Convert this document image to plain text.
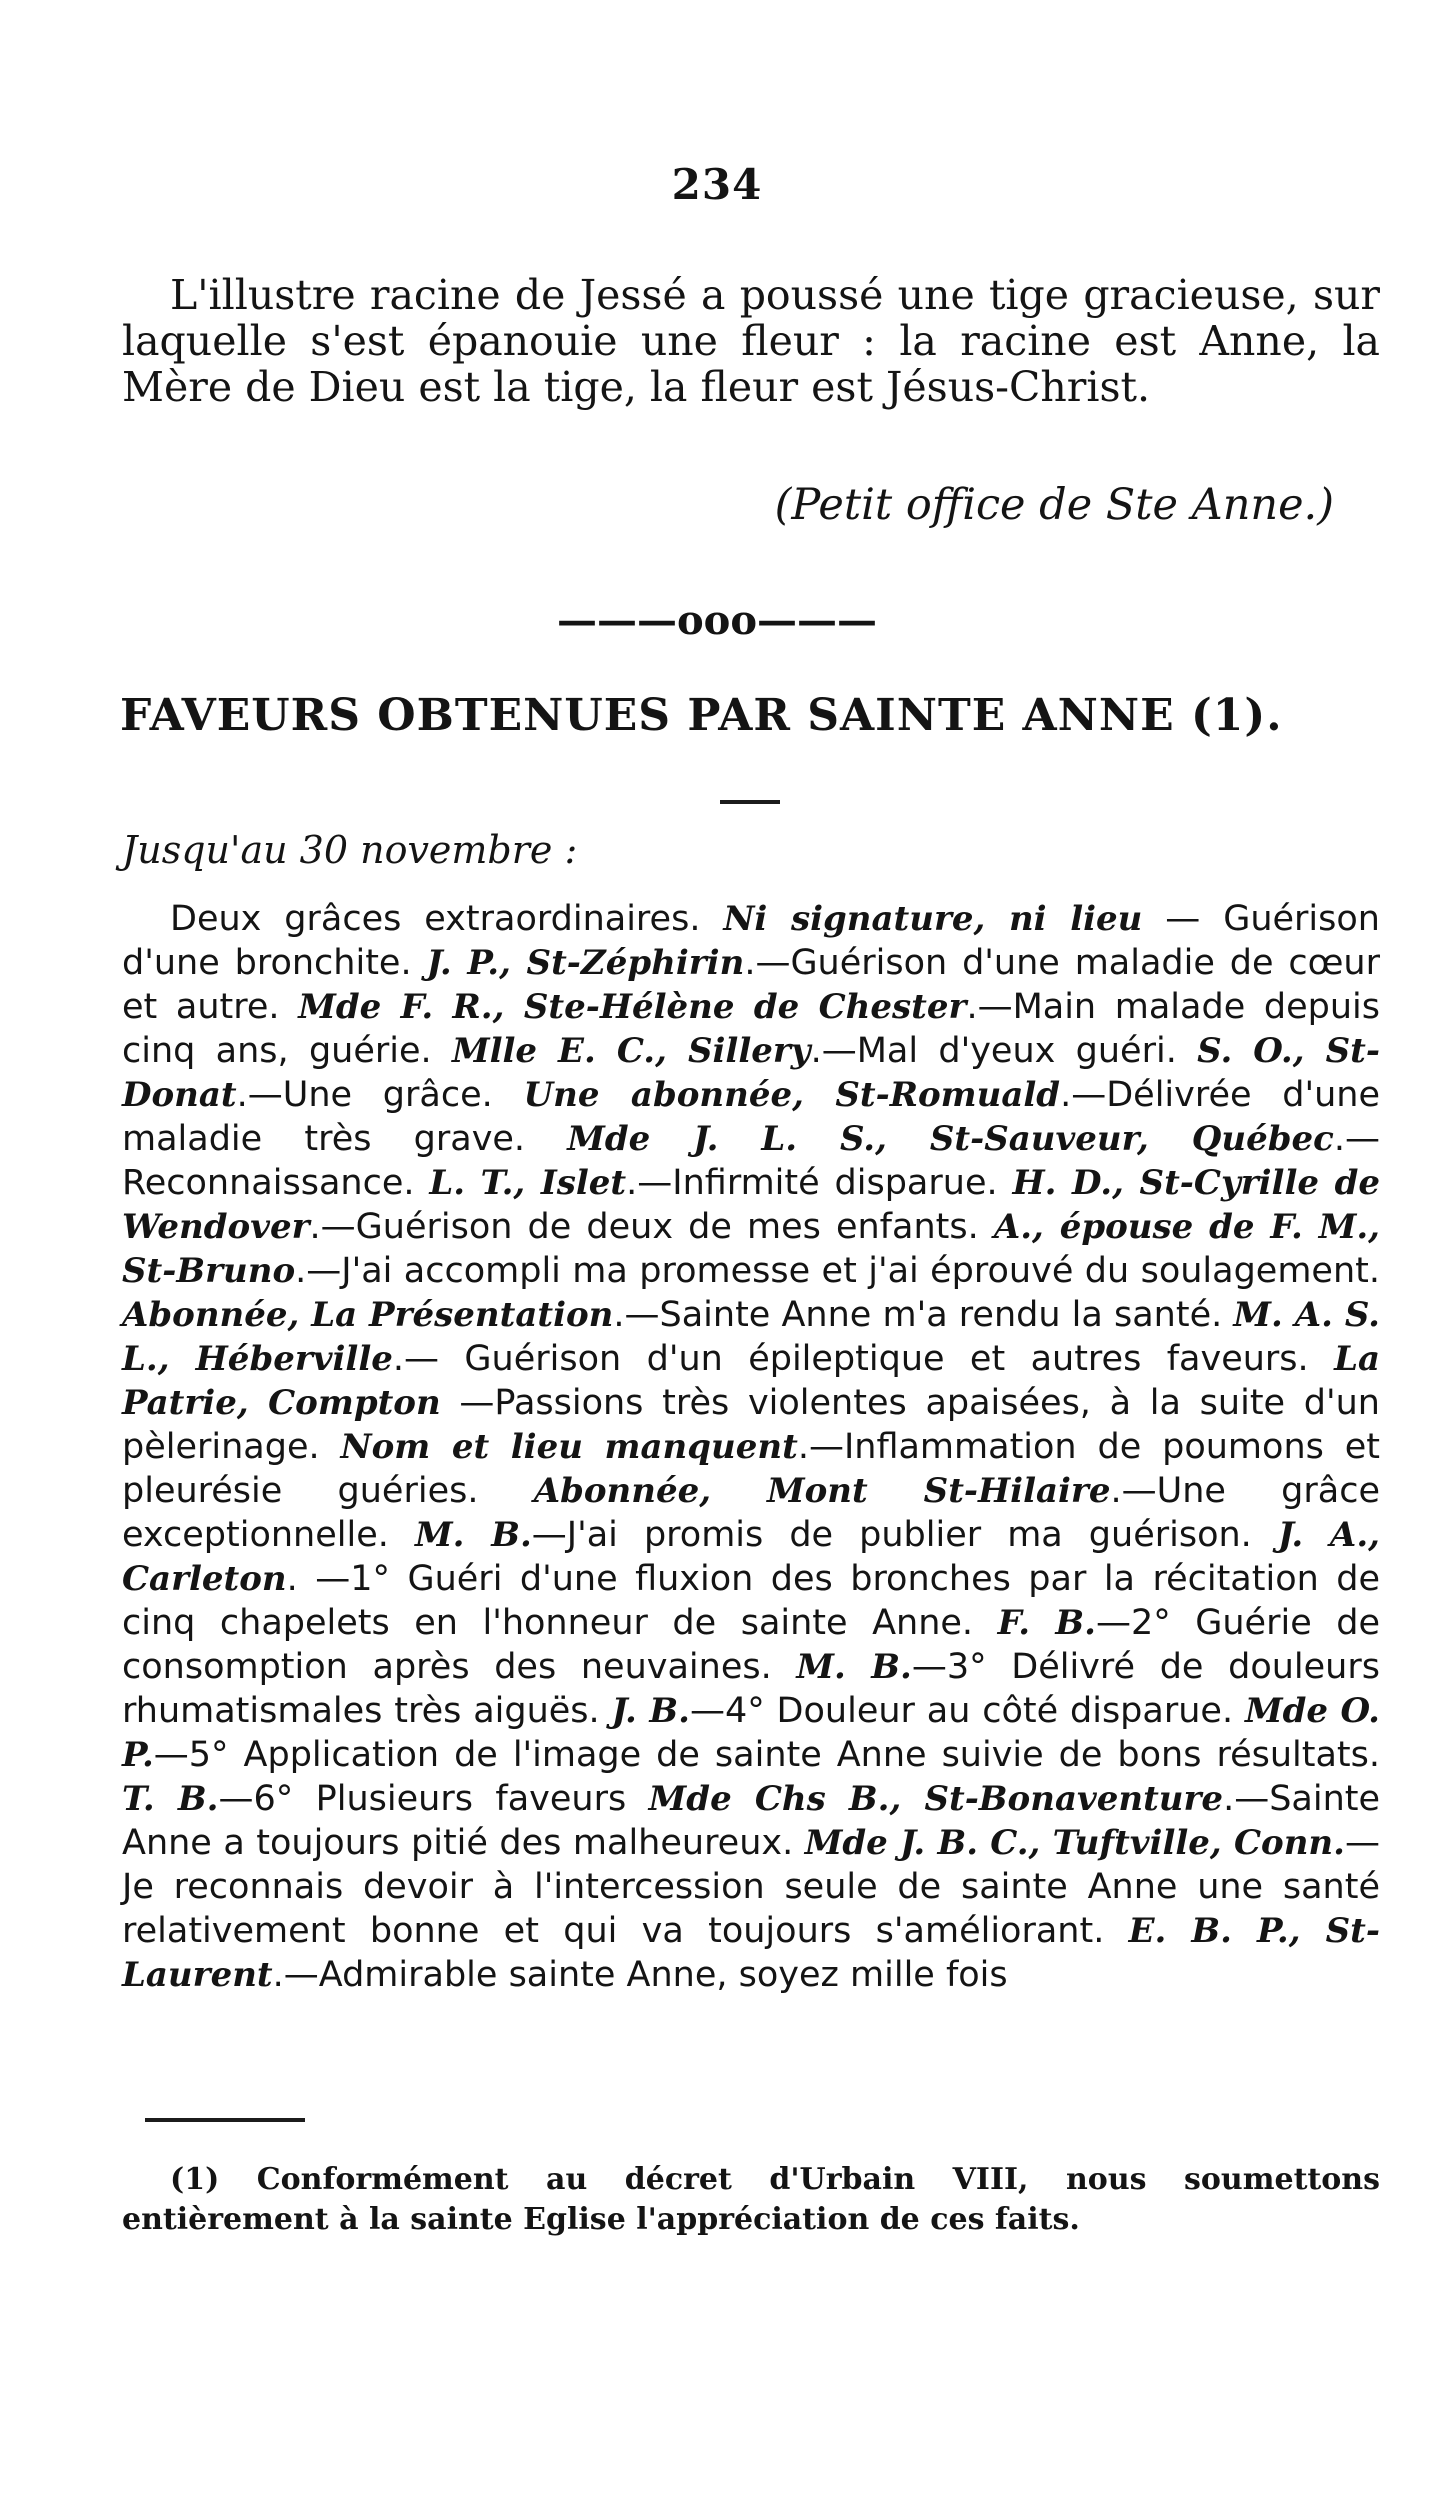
234

L'illustre racine de Jessé a poussé une tige gracieuse, sur laquelle s'est épanouie une fleur : la racine est Anne, la Mère de Dieu est la tige, la fleur est Jésus-Christ.

(Petit office de Ste Anne.)
———ooo———
FAVEURS OBTENUES PAR SAINTE ANNE (1).
Jusqu'au 30 novembre :

Deux grâces extraordinaires. Ni signature, ni lieu — Guérison d'une bronchite. J. P., St-Zéphirin.—Guérison d'une maladie de cœur et autre. Mde F. R., Ste-Hélène de Chester.—Main malade depuis cinq ans, guérie. Mlle E. C., Sillery.—Mal d'yeux guéri. S. O., St-Donat.—Une grâce. Une abonnée, St-Romuald.—Délivrée d'une maladie très grave. Mde J. L. S., St-Sauveur, Québec.—Reconnaissance. L. T., Islet.—Infirmité disparue. H. D., St-Cyrille de Wendover.—Guérison de deux de mes enfants. A., épouse de F. M., St-Bruno.—J'ai accompli ma promesse et j'ai éprouvé du soulagement. Abonnée, La Présentation.—Sainte Anne m'a rendu la santé. M. A. S. L., Héberville.— Guérison d'un épileptique et autres faveurs. La Patrie, Compton —Passions très violentes apaisées, à la suite d'un pèlerinage. Nom et lieu manquent.—Inflammation de poumons et pleurésie guéries. Abonnée, Mont St-Hilaire.—Une grâce exceptionnelle. M. B.—J'ai promis de publier ma guérison. J. A., Carleton. —1° Guéri d'une fluxion des bronches par la récitation de cinq chapelets en l'honneur de sainte Anne. F. B.—2° Guérie de consomption après des neuvaines. M. B.—3° Délivré de douleurs rhumatismales très aiguës. J. B.—4° Douleur au côté disparue. Mde O. P.—5° Application de l'image de sainte Anne suivie de bons résultats. T. B.—6° Plusieurs faveurs Mde Chs B., St-Bonaventure.—Sainte Anne a toujours pitié des malheureux. Mde J. B. C., Tuftville, Conn.—Je reconnais devoir à l'intercession seule de sainte Anne une santé relativement bonne et qui va toujours s'améliorant. E. B. P., St-Laurent.—Admirable sainte Anne, soyez mille fois

(1) Conformément au décret d'Urbain VIII, nous soumettons entièrement à la sainte Eglise l'appréciation de ces faits.
